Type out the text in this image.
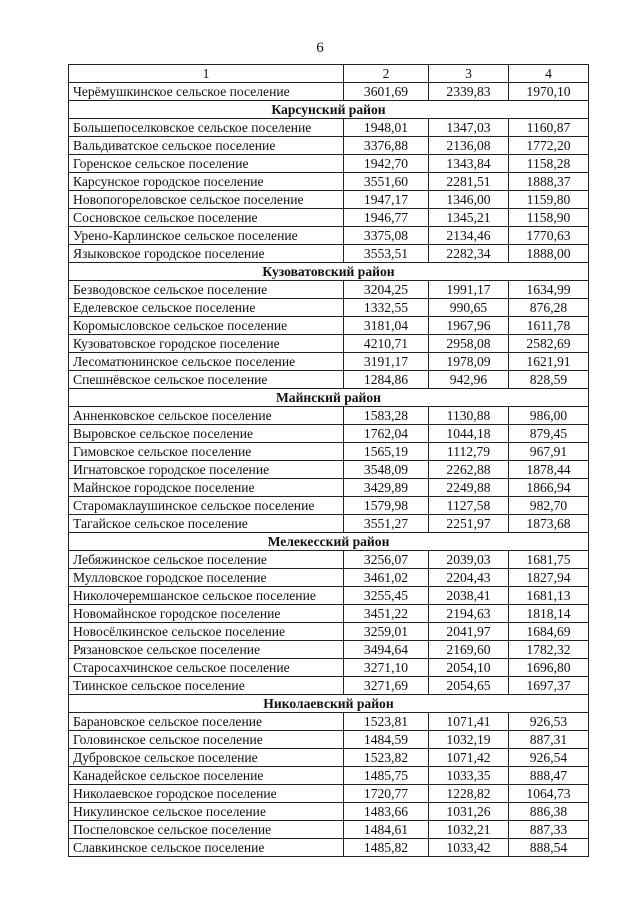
6
1	2	3	4
Черёмушкинское сельское поселение	3601,69	2339,83	1970,10
Карсунский район			
Большепоселковское сельское поселение	1948,01	1347,03	1160,87
Вальдиватское сельское поселение	3376,88	2136,08	1772,20
Горенское сельское поселение	1942,70	1343,84	1158,28
Карсунское городское поселение	3551,60	2281,51	1888,37
Новопогореловское сельское поселение	1947,17	1346,00	1159,80
Сосновское сельское поселение	1946,77	1345,21	1158,90
Урено-Карлинское сельское поселение	3375,08	2134,46	1770,63
Языковское городское поселение	3553,51	2282,34	1888,00
Кузоватовский район			
Безводовское сельское поселение	3204,25	1991,17	1634,99
Еделевское сельское поселение	1332,55	990,65	876,28
Коромысловское сельское поселение	3181,04	1967,96	1611,78
Кузоватовское городское поселение	4210,71	2958,08	2582,69
Лесоматюнинское сельское поселение	3191,17	1978,09	1621,91
Спешнёвское сельское поселение	1284,86	942,96	828,59
Майнский район			
Анненковское сельское поселение	1583,28	1130,88	986,00
Выровское сельское поселение	1762,04	1044,18	879,45
Гимовское сельское поселение	1565,19	1112,79	967,91
Игнатовское городское поселение	3548,09	2262,88	1878,44
Майнское городское поселение	3429,89	2249,88	1866,94
Старомаклаушинское сельское поселение	1579,98	1127,58	982,70
Тагайское сельское поселение	3551,27	2251,97	1873,68
Мелекесский район			
Лебяжинское сельское поселение	3256,07	2039,03	1681,75
Мулловское городское поселение	3461,02	2204,43	1827,94
Николочеремшанское сельское поселение	3255,45	2038,41	1681,13
Новомайнское городское поселение	3451,22	2194,63	1818,14
Новосёлкинское сельское поселение	3259,01	2041,97	1684,69
Рязановское сельское поселение	3494,64	2169,60	1782,32
Старосахчинское сельское поселение	3271,10	2054,10	1696,80
Тиинское сельское поселение	3271,69	2054,65	1697,37
Николаевский район			
Барановское сельское поселение	1523,81	1071,41	926,53
Головинское сельское поселение	1484,59	1032,19	887,31
Дубровское сельское поселение	1523,82	1071,42	926,54
Канадейское сельское поселение	1485,75	1033,35	888,47
Николаевское городское поселение	1720,77	1228,82	1064,73
Никулинское сельское поселение	1483,66	1031,26	886,38
Поспеловское сельское поселение	1484,61	1032,21	887,33
Славкинское сельское поселение	1485,82	1033,42	888,54
